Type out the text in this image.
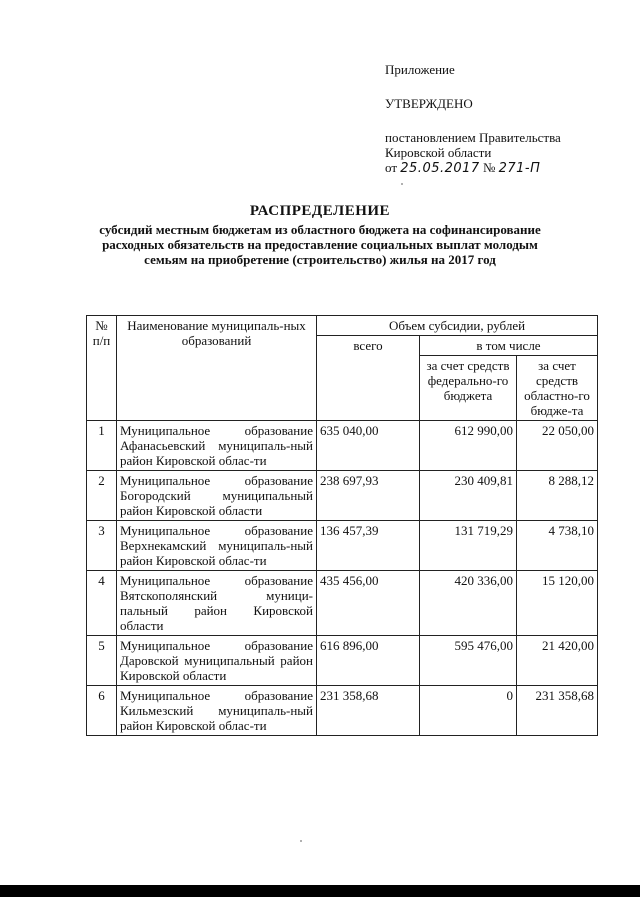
Приложение

УТВЕРЖДЕНО

постановлением Правительства

Кировской области

от 25.05.2017 № 271-П

РАСПРЕДЕЛЕНИЕ
субсидий местным бюджетам из областного бюджета на софинансирование расходных обязательств на предоставление социальных выплат молодым семьям на приобретение (строительство) жилья на 2017 год
№ п/п	Наименование муниципаль-ных образований	Объем субсидии, рублей		
		всего	в том числе	
			за счет средств федерально-го бюджета	за счет средств областно-го бюдже-та
1	Муниципальное образование Афанасьевский муниципаль-ный район Кировской облас-ти	635 040,00	612 990,00	22 050,00
2	Муниципальное образование Богородский муниципальный район Кировской области	238 697,93	230 409,81	8 288,12
3	Муниципальное образование Верхнекамский муниципаль-ный район Кировской облас-ти	136 457,39	131 719,29	4 738,10
4	Муниципальное образование Вятскополянский муници-пальный район Кировской области	435 456,00	420 336,00	15 120,00
5	Муниципальное образование Даровской муниципальный район Кировской области	616 896,00	595 476,00	21 420,00
6	Муниципальное образование Кильмезский муниципаль-ный район Кировской облас-ти	231 358,68	0	231 358,68
